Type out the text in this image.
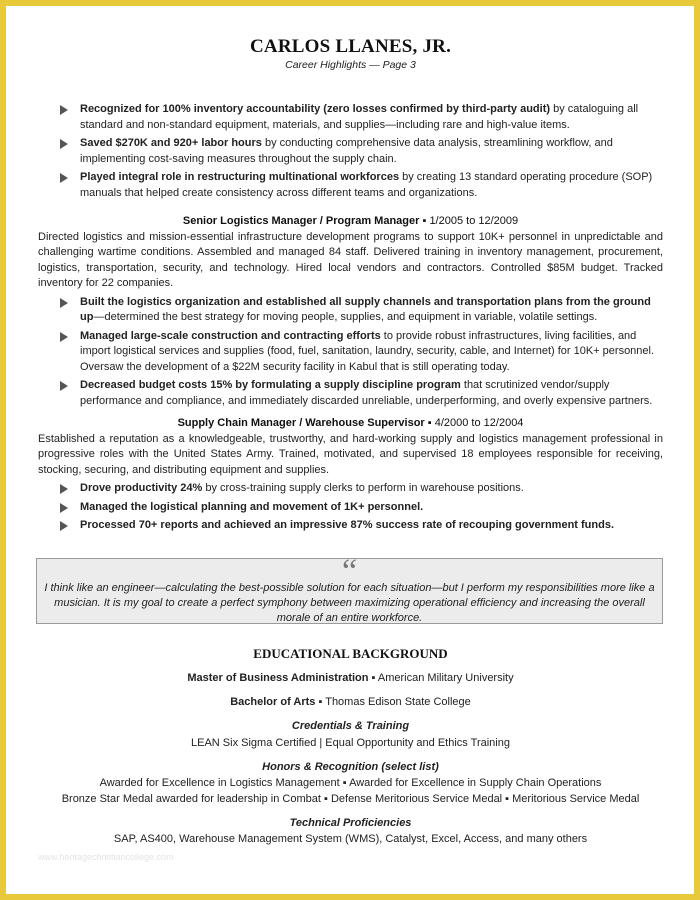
CARLOS LLANES, JR.
Career Highlights — Page 3
Recognized for 100% inventory accountability (zero losses confirmed by third-party audit) by cataloguing all standard and non-standard equipment, materials, and supplies—including rare and high-value items.
Saved $270K and 920+ labor hours by conducting comprehensive data analysis, streamlining workflow, and implementing cost-saving measures throughout the supply chain.
Played integral role in restructuring multinational workforces by creating 13 standard operating procedure (SOP) manuals that helped create consistency across different teams and organizations.
Senior Logistics Manager / Program Manager ▪ 1/2005 to 12/2009
Directed logistics and mission-essential infrastructure development programs to support 10K+ personnel in unpredictable and challenging wartime conditions. Assembled and managed 84 staff. Delivered training in inventory management, procurement, logistics, transportation, security, and technology. Hired local vendors and contractors. Controlled $85M budget. Tracked inventory for 22 companies.
Built the logistics organization and established all supply channels and transportation plans from the ground up—determined the best strategy for moving people, supplies, and equipment in variable, volatile settings.
Managed large-scale construction and contracting efforts to provide robust infrastructures, living facilities, and import logistical services and supplies (food, fuel, sanitation, laundry, security, cable, and Internet) for 10K+ personnel. Oversaw the development of a $22M security facility in Kabul that is still operating today.
Decreased budget costs 15% by formulating a supply discipline program that scrutinized vendor/supply performance and compliance, and immediately discarded unreliable, underperforming, and overly expensive partners.
Supply Chain Manager / Warehouse Supervisor ▪ 4/2000 to 12/2004
Established a reputation as a knowledgeable, trustworthy, and hard-working supply and logistics management professional in progressive roles with the United States Army. Trained, motivated, and supervised 18 employees responsible for receiving, stocking, securing, and distributing equipment and supplies.
Drove productivity 24% by cross-training supply clerks to perform in warehouse positions.
Managed the logistical planning and movement of 1K+ personnel.
Processed 70+ reports and achieved an impressive 87% success rate of recouping government funds.
“
I think like an engineer—calculating the best-possible solution for each situation—but I perform my responsibilities more like a musician. It is my goal to create a perfect symphony between maximizing operational efficiency and increasing the overall morale of an entire workforce.
EDUCATIONAL BACKGROUND
Master of Business Administration ▪ American Military University
Bachelor of Arts ▪ Thomas Edison State College
Credentials & Training
LEAN Six Sigma Certified | Equal Opportunity and Ethics Training
Honors & Recognition (select list)
Awarded for Excellence in Logistics Management ▪ Awarded for Excellence in Supply Chain Operations
Bronze Star Medal awarded for leadership in Combat ▪ Defense Meritorious Service Medal ▪ Meritorious Service Medal
Technical Proficiencies
SAP, AS400, Warehouse Management System (WMS), Catalyst, Excel, Access, and many others
www.heritagechristiancollege.com
